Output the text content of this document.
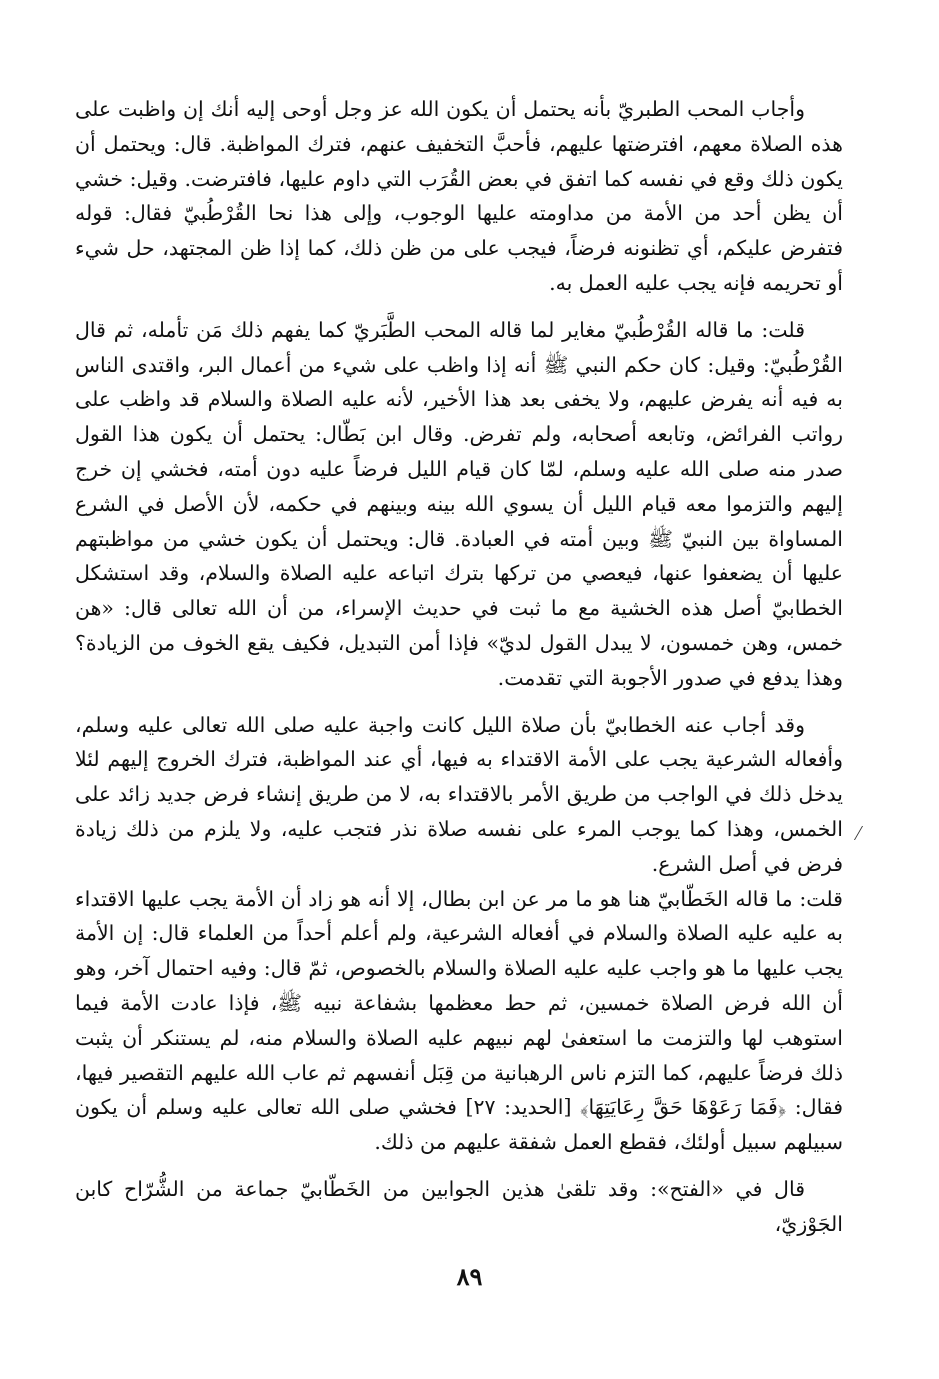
وأجاب المحب الطبريّ بأنه يحتمل أن يكون الله عز وجل أوحى إليه أنك إن واظبت على هذه الصلاة معهم، افترضتها عليهم، فأحبَّ التخفيف عنهم، فترك المواظبة. قال: ويحتمل أن يكون ذلك وقع في نفسه كما اتفق في بعض القُرَب التي داوم عليها، فافترضت. وقيل: خشي أن يظن أحد من الأمة من مداومته عليها الوجوب، وإلى هذا نحا القُرْطُبيّ فقال: قوله فتفرض عليكم، أي تظنونه فرضاً، فيجب على من ظن ذلك، كما إذا ظن المجتهد، حل شيء أو تحريمه فإنه يجب عليه العمل به.

قلت: ما قاله القُرْطُبيّ مغاير لما قاله المحب الطَّبَريّ كما يفهم ذلك مَن تأمله، ثم قال القُرْطُبيّ: وقيل: كان حكم النبي ﷺ أنه إذا واظب على شيء من أعمال البر، واقتدى الناس به فيه أنه يفرض عليهم، ولا يخفى بعد هذا الأخير، لأنه عليه الصلاة والسلام قد واظب على رواتب الفرائض، وتابعه أصحابه، ولم تفرض. وقال ابن بَطّال: يحتمل أن يكون هذا القول صدر منه صلى الله عليه وسلم، لمّا كان قيام الليل فرضاً عليه دون أمته، فخشي إن خرج إليهم والتزموا معه قيام الليل أن يسوي الله بينه وبينهم في حكمه، لأن الأصل في الشرع المساواة بين النبيّ ﷺ وبين أمته في العبادة. قال: ويحتمل أن يكون خشي من مواظبتهم عليها أن يضعفوا عنها، فيعصي من تركها بترك اتباعه عليه الصلاة والسلام، وقد استشكل الخطابيّ أصل هذه الخشية مع ما ثبت في حديث الإسراء، من أن الله تعالى قال: «هن خمس، وهن خمسون، لا يبدل القول لديّ» فإذا أمن التبديل، فكيف يقع الخوف من الزيادة؟ وهذا يدفع في صدور الأجوبة التي تقدمت.

وقد أجاب عنه الخطابيّ بأن صلاة الليل كانت واجبة عليه صلى الله تعالى عليه وسلم، وأفعاله الشرعية يجب على الأمة الاقتداء به فيها، أي عند المواظبة، فترك الخروج إليهم لئلا يدخل ذلك في الواجب من طريق الأمر بالاقتداء به، لا من طريق إنشاء فرض جديد زائد على الخمس، وهذا كما يوجب المرء على نفسه صلاة نذر فتجب عليه، ولا يلزم من ذلك زيادة فرض في أصل الشرع.

قلت: ما قاله الخَطّابيّ هنا هو ما مر عن ابن بطال، إلا أنه هو زاد أن الأمة يجب عليها الاقتداء به عليه عليه الصلاة والسلام في أفعاله الشرعية، ولم أعلم أحداً من العلماء قال: إن الأمة يجب عليها ما هو واجب عليه عليه الصلاة والسلام بالخصوص، ثمّ قال: وفيه احتمال آخر، وهو أن الله فرض الصلاة خمسين، ثم حط معظمها بشفاعة نبيه ﷺ، فإذا عادت الأمة فيما استوهب لها والتزمت ما استعفىٰ لهم نبيهم عليه الصلاة والسلام منه، لم يستنكر أن يثبت ذلك فرضاً عليهم، كما التزم ناس الرهبانية من قِبَل أنفسهم ثم عاب الله عليهم التقصير فيها، فقال: ﴿فَمَا رَعَوْهَا حَقَّ رِعَايَتِهَا﴾ [الحديد: ٢٧] فخشي صلى الله تعالى عليه وسلم أن يكون سبيلهم سبيل أولئك، فقطع العمل شفقة عليهم من ذلك.

قال في «الفتح»: وقد تلقىٰ هذين الجوابين من الخَطّابيّ جماعة من الشُّرّاح كابن الجَوْزيّ،

٨٩
